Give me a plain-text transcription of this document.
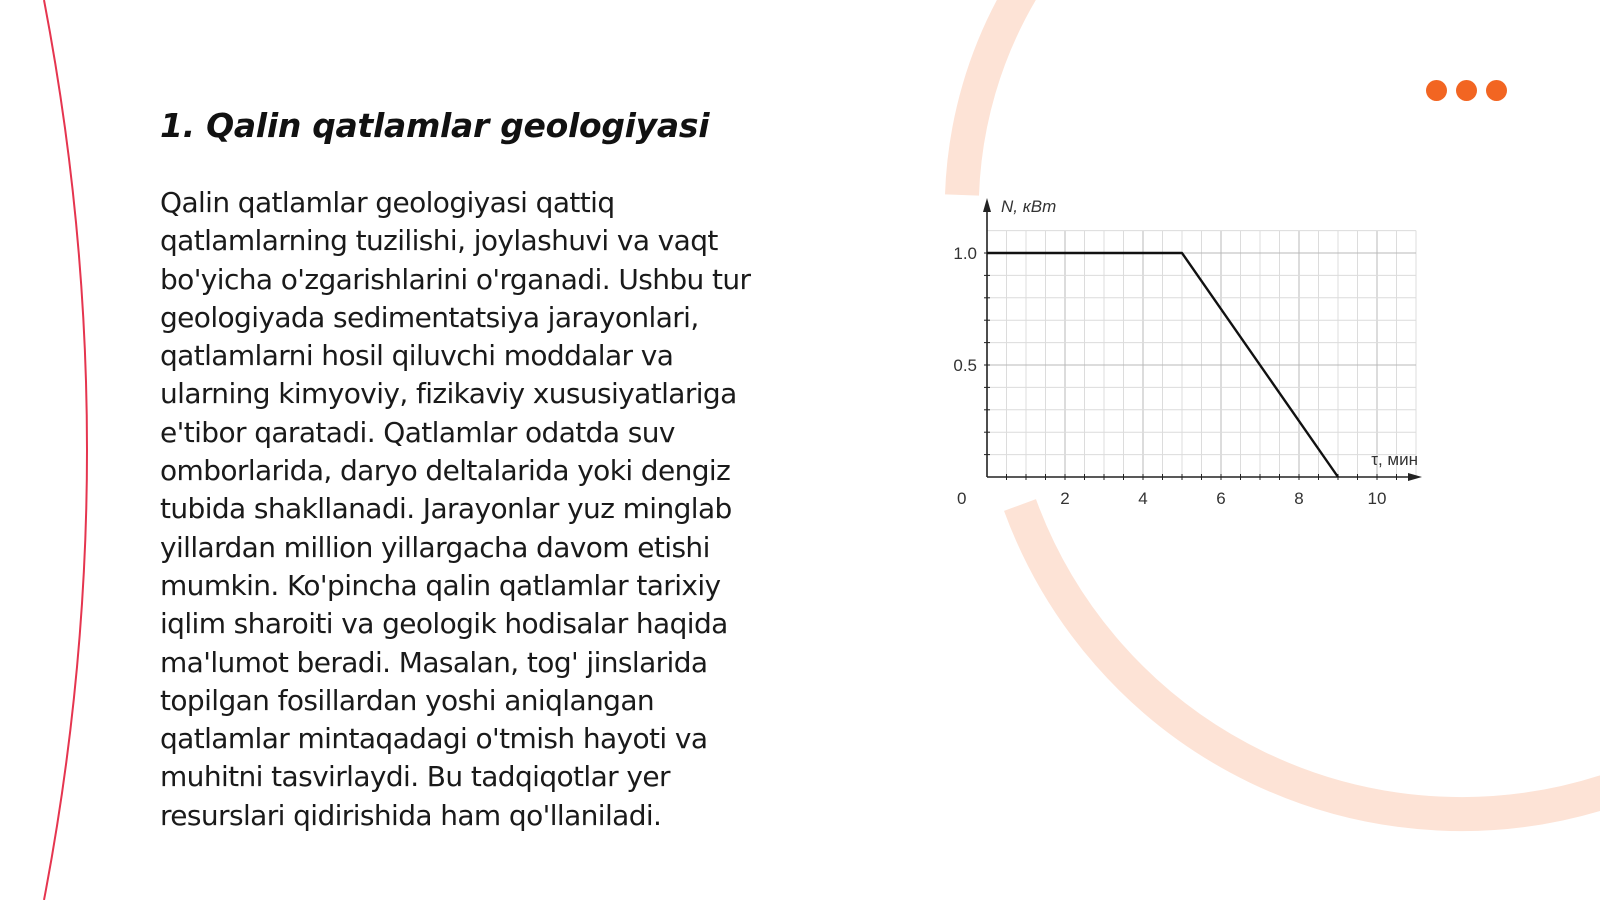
1. Qalin qatlamlar geologiyasi

Qalin qatlamlar geologiyasi qattiq
qatlamlarning tuzilishi, joylashuvi va vaqt
bo'yicha o'zgarishlarini o'rganadi. Ushbu tur
geologiyada sedimentatsiya jarayonlari,
qatlamlarni hosil qiluvchi moddalar va
ularning kimyoviy, fizikaviy xususiyatlariga
e'tibor qaratadi. Qatlamlar odatda suv
omborlarida, daryo deltalarida yoki dengiz
tubida shakllanadi. Jarayonlar yuz minglab
yillardan million yillargacha davom etishi
mumkin. Ko'pincha qalin qatlamlar tarixiy
iqlim sharoiti va geologik hodisalar haqida
ma'lumot beradi. Masalan, tog' jinslarida
topilgan fosillardan yoshi aniqlangan
qatlamlar mintaqadagi o'tmish hayoti va
muhitni tasvirlaydi. Bu tadqiqotlar yer
resurslari qidirishida ham qo'llaniladi.

2	4	6	8	10
0.5
1.0
0
N, кВт
τ, мин
